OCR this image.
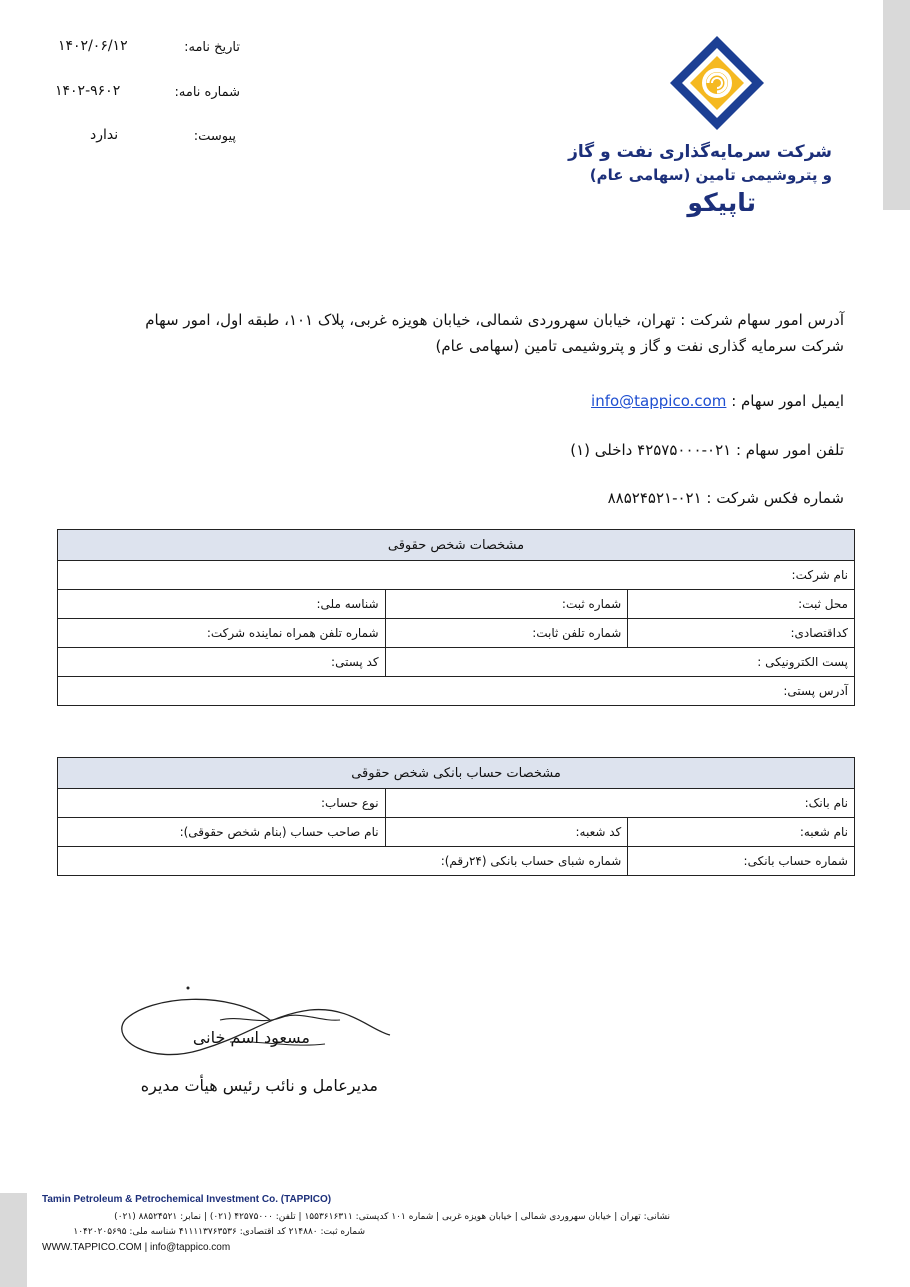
تاریخ نامه:
۱۴۰۲/۰۶/۱۲
شماره نامه:
۱۴۰۲-۹۶۰۲
پیوست:
ندارد
شرکت سرمایه‌گذاری نفت و گاز
و پتروشیمی تامین (سهامی عام)
تاپیکو
آدرس امور سهام شرکت : تهران، خیابان سهروردی شمالی، خیابان هویزه غربی، پلاک ۱۰۱، طبقه اول، امور سهام
شرکت سرمایه گذاری نفت و گاز و پتروشیمی تامین (سهامی عام)
ایمیل امور سهام : info@tappico.com
تلفن امور سهام : ۰۲۱-۴۲۵۷۵۰۰۰ داخلی (۱)
شماره فکس شرکت : ۰۲۱-۸۸۵۲۴۵۲۱
مشخصات شخص حقوقی		
نام شرکت:		
محل ثبت:	شماره ثبت:	شناسه ملی:
کداقتصادی:	شماره تلفن ثابت:	شماره تلفن همراه نماینده شرکت:
پست الکترونیکی :		کد پستی:
آدرس پستی:		
مشخصات حساب بانکی شخص حقوقی		
نام بانک:		نوع حساب:
نام شعبه:	کد شعبه:	نام صاحب حساب (بنام شخص حقوقی):
شماره حساب بانکی:	شماره شبای حساب بانکی (۲۴رقم):	
مسعود اسم خانی
مدیرعامل و نائب رئیس هیأت مدیره
Tamin Petroleum & Petrochemical Investment Co. (TAPPICO)
نشانی: تهران | خیابان سهروردی شمالی | خیابان هویزه غربی | شماره ۱۰۱ کدپستی: ۱۵۵۳۶۱۶۳۱۱ | تلفن: ۴۲۵۷۵۰۰۰ (۰۲۱) | نمابر: ۸۸۵۲۴۵۲۱ (۰۲۱)
شماره ثبت: ۲۱۴۸۸۰ کد اقتصادی: ۴۱۱۱۱۳۷۶۳۵۳۶ شناسه ملی: ۱۰۴۲۰۲۰۵۶۹۵
WWW.TAPPICO.COM | info@tappico.com
